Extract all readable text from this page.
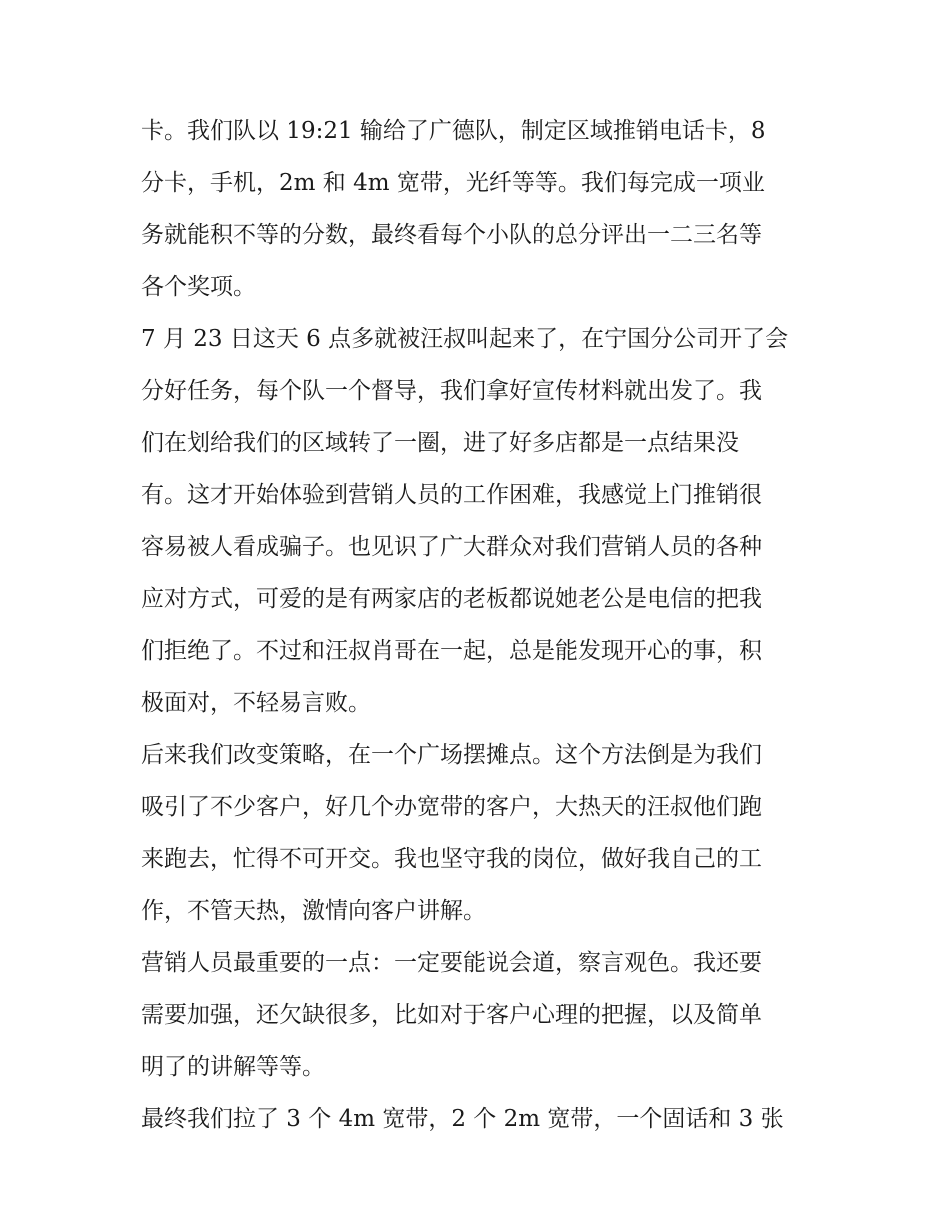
卡。我们队以 19:21 输给了广德队，制定区域推销电话卡，8
分卡，手机，2m 和 4m 宽带，光纤等等。我们每完成一项业
务就能积不等的分数，最终看每个小队的总分评出一二三名等
各个奖项。
7 月 23 日这天 6 点多就被汪叔叫起来了，在宁国分公司开了会
分好任务，每个队一个督导，我们拿好宣传材料就出发了。我
们在划给我们的区域转了一圈，进了好多店都是一点结果没
有。这才开始体验到营销人员的工作困难，我感觉上门推销很
容易被人看成骗子。也见识了广大群众对我们营销人员的各种
应对方式，可爱的是有两家店的老板都说她老公是电信的把我
们拒绝了。不过和汪叔肖哥在一起，总是能发现开心的事，积
极面对，不轻易言败。
后来我们改变策略，在一个广场摆摊点。这个方法倒是为我们
吸引了不少客户，好几个办宽带的客户，大热天的汪叔他们跑
来跑去，忙得不可开交。我也坚守我的岗位，做好我自己的工
作，不管天热，激情向客户讲解。
营销人员最重要的一点：一定要能说会道，察言观色。我还要
需要加强，还欠缺很多，比如对于客户心理的把握，以及简单
明了的讲解等等。
最终我们拉了 3 个 4m 宽带，2 个 2m 宽带，一个固话和 3 张
